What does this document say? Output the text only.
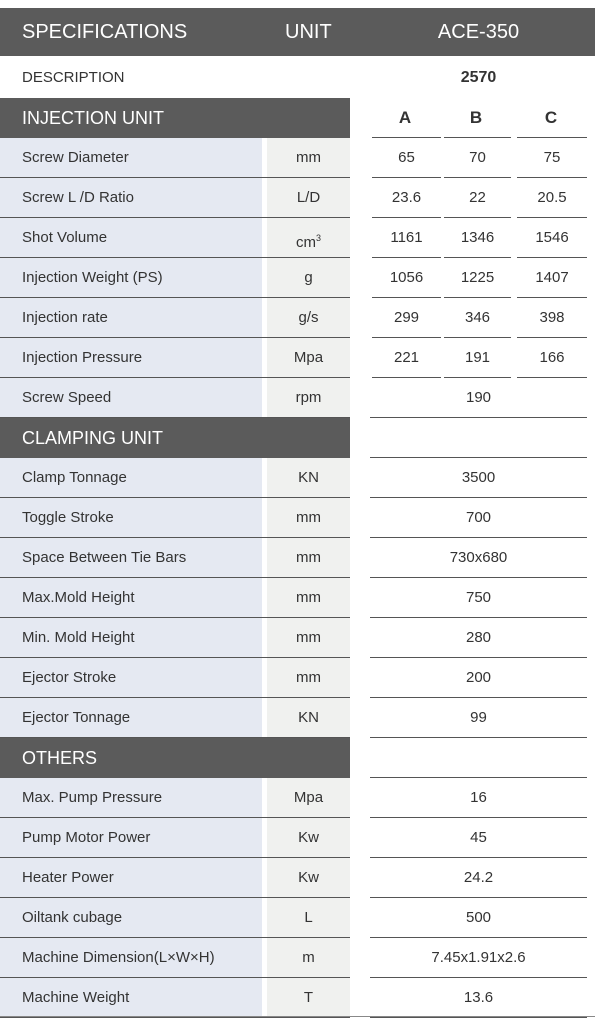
SPECIFICATIONS	UNIT	ACE-350
DESCRIPTION	2570
INJECTION UNIT	A	B	C
Screw Diameter	mm	65	70	75
Screw L /D Ratio	L/D	23.6	22	20.5
Shot Volume	$cm^3$	1161	1346	1546
Injection Weight (PS)	g	1056	1225	1407
Injection rate	g/s	299	346	398
Injection Pressure	Mpa	221	191	166
Screw Speed	rpm	190
CLAMPING UNIT
Clamp Tonnage	KN	3500
Toggle Stroke	mm	700
Space Between Tie Bars	mm	730x680
Max.Mold Height	mm	750
Min. Mold Height	mm	280
Ejector Stroke	mm	200
Ejector Tonnage	KN	99
OTHERS
Max. Pump Pressure	Mpa	16
Pump Motor Power	Kw	45
Heater Power	Kw	24.2
Oiltank cubage	L	500
Machine Dimension(L×W×H)	m	7.45x1.91x2.6
Machine Weight	T	13.6
